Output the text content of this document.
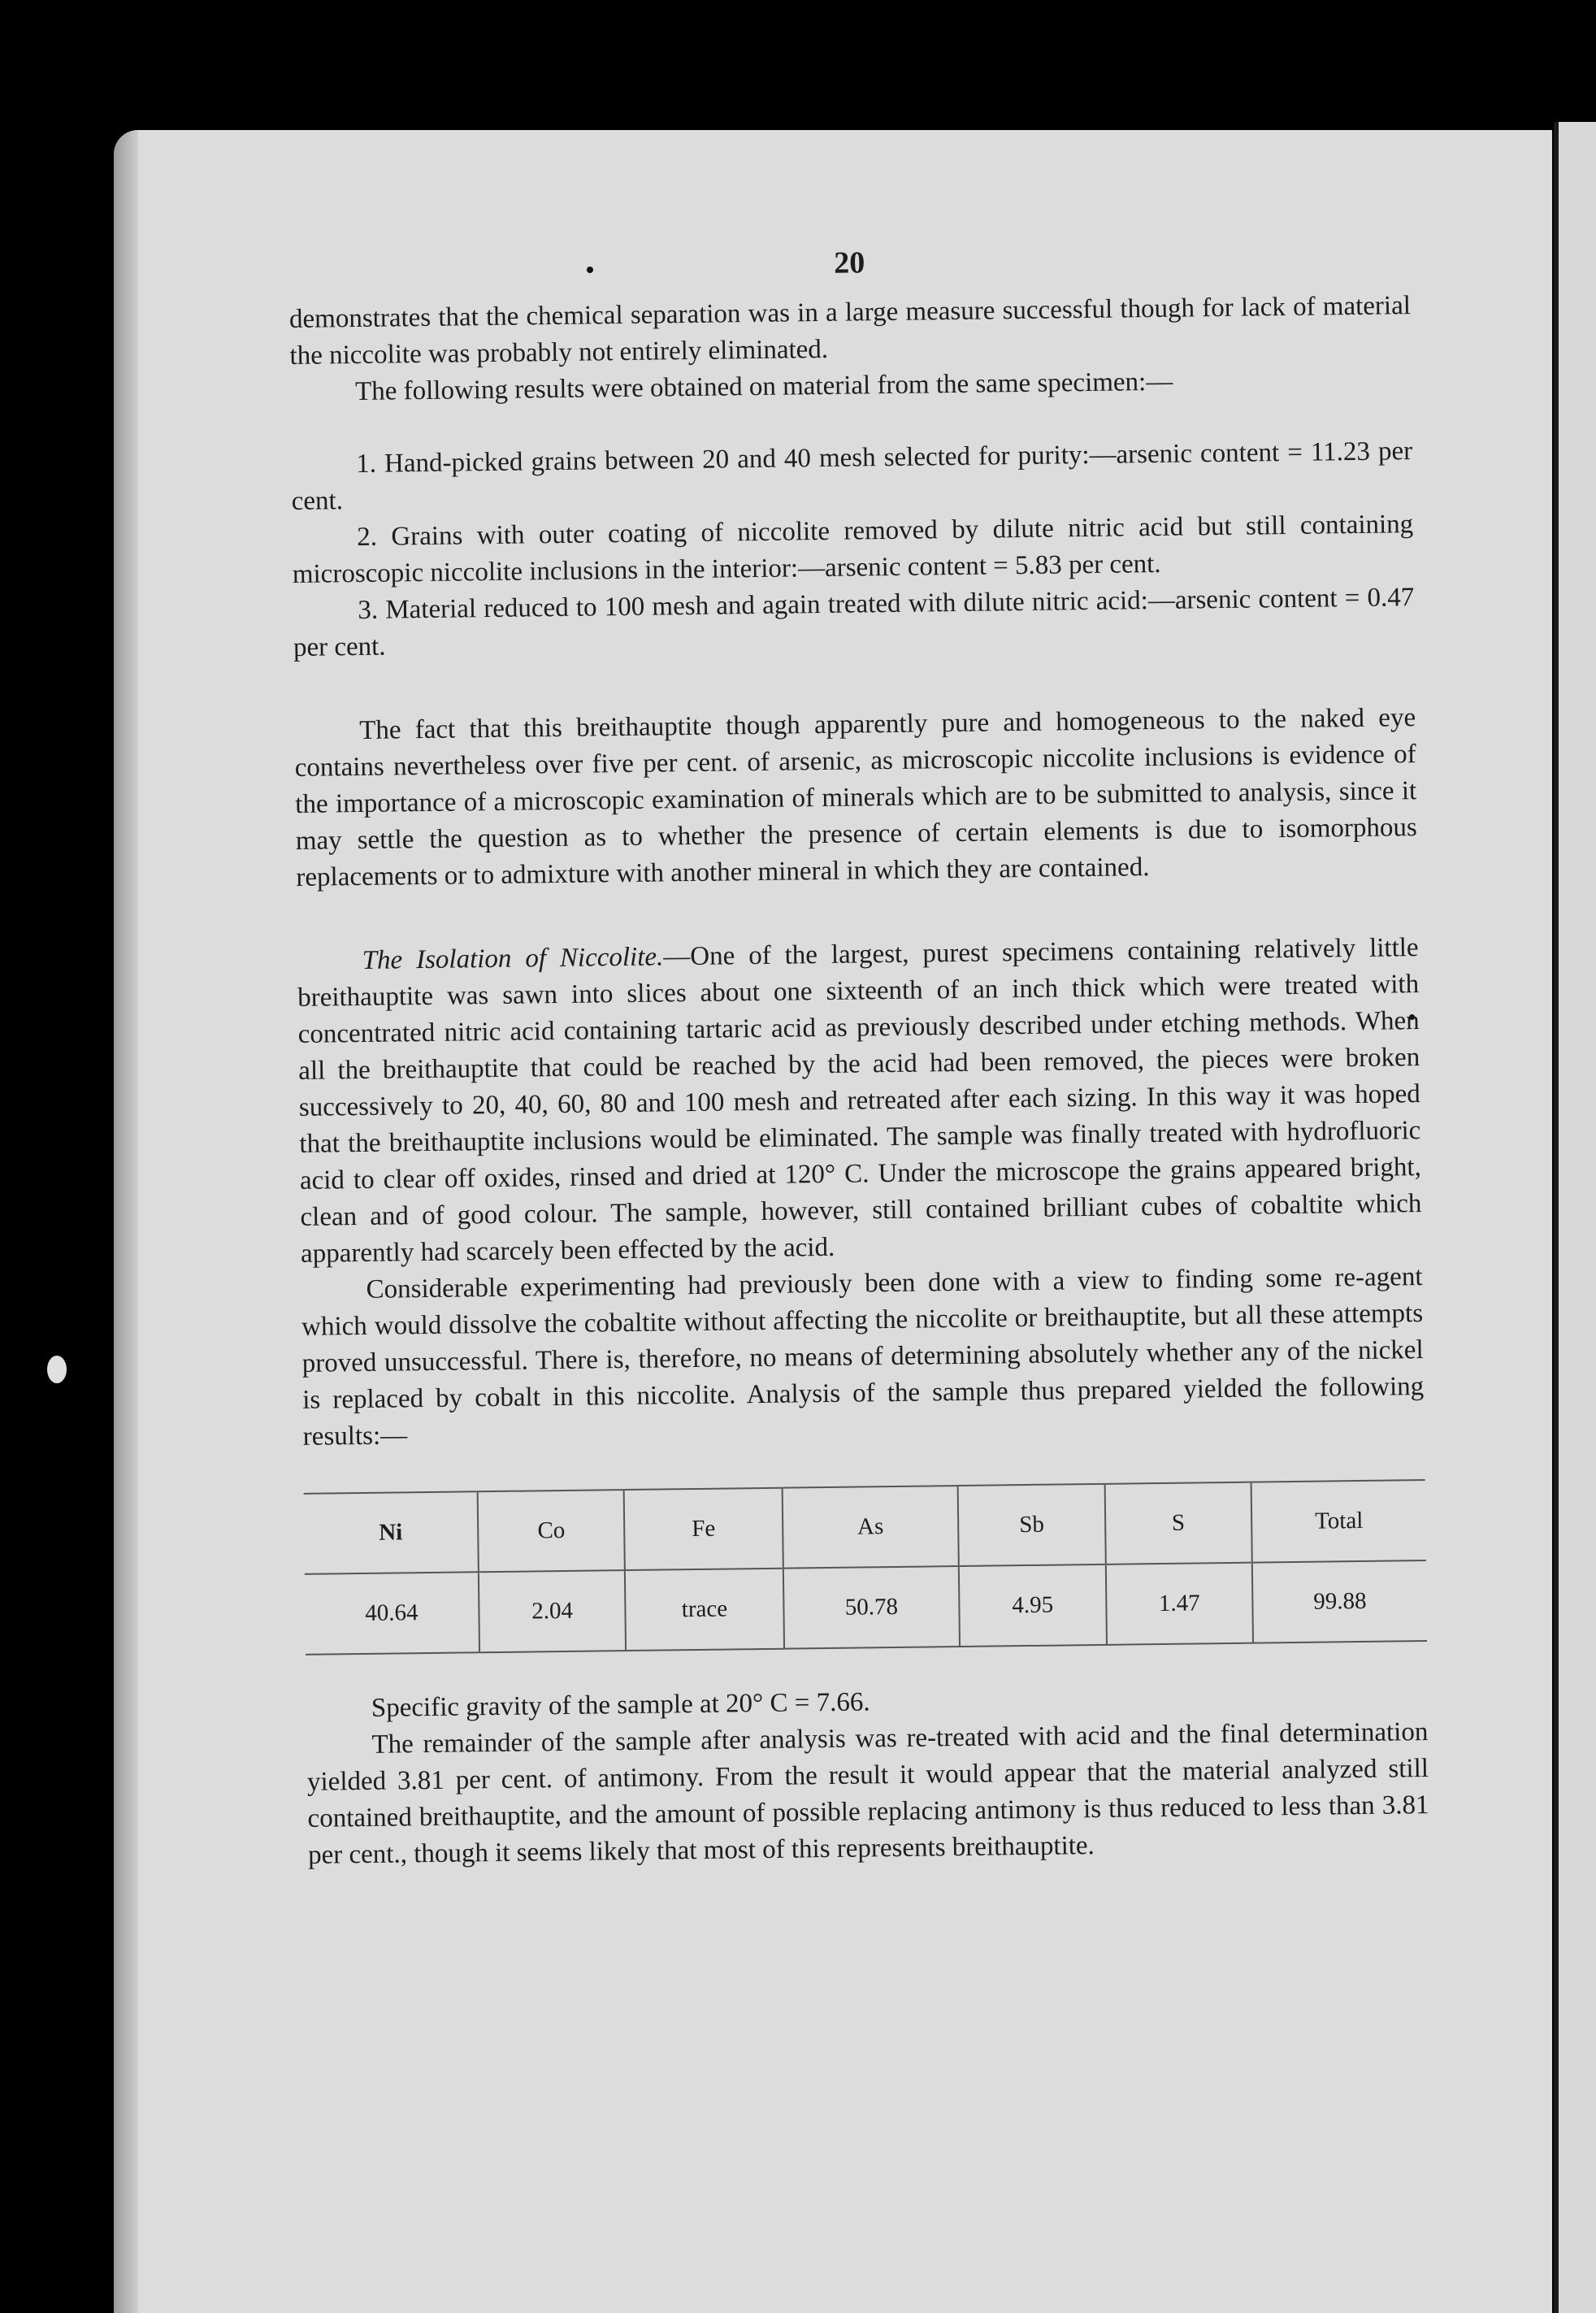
20

demonstrates that the chemical separation was in a large measure successful though for lack of material the niccolite was probably not entirely eliminated.

The following results were obtained on material from the same specimen:—

1. Hand-picked grains between 20 and 40 mesh selected for purity:—arsenic content = 11.23 per cent.

2. Grains with outer coating of niccolite removed by dilute nitric acid but still containing microscopic niccolite inclusions in the interior:—arsenic content = 5.83 per cent.

3. Material reduced to 100 mesh and again treated with dilute nitric acid:—arsenic content = 0.47 per cent.

The fact that this breithauptite though apparently pure and homogeneous to the naked eye contains nevertheless over five per cent. of arsenic, as microscopic niccolite inclusions is evidence of the importance of a microscopic examination of minerals which are to be submitted to analysis, since it may settle the question as to whether the presence of certain elements is due to isomorphous replacements or to admixture with another mineral in which they are contained.

The Isolation of Niccolite.—One of the largest, purest specimens containing relatively little breithauptite was sawn into slices about one sixteenth of an inch thick which were treated with concentrated nitric acid containing tartaric acid as previously described under etching methods. When all the breithauptite that could be reached by the acid had been removed, the pieces were broken successively to 20, 40, 60, 80 and 100 mesh and retreated after each sizing. In this way it was hoped that the breithauptite inclusions would be eliminated. The sample was finally treated with hydrofluoric acid to clear off oxides, rinsed and dried at 120° C. Under the microscope the grains appeared bright, clean and of good colour. The sample, however, still contained brilliant cubes of cobaltite which apparently had scarcely been effected by the acid.

Considerable experimenting had previously been done with a view to finding some re-agent which would dissolve the cobaltite without affecting the niccolite or breithauptite, but all these attempts proved unsuccessful. There is, therefore, no means of determining absolutely whether any of the nickel is replaced by cobalt in this niccolite. Analysis of the sample thus prepared yielded the following results:—

Ni	Co	Fe	As	Sb	S	Total
40.64	2.04	trace	50.78	4.95	1.47	99.88

Specific gravity of the sample at 20° C = 7.66.

The remainder of the sample after analysis was re-treated with acid and the final determination yielded 3.81 per cent. of antimony. From the result it would appear that the material analyzed still contained breithauptite, and the amount of possible replacing antimony is thus reduced to less than 3.81 per cent., though it seems likely that most of this represents breithauptite.
